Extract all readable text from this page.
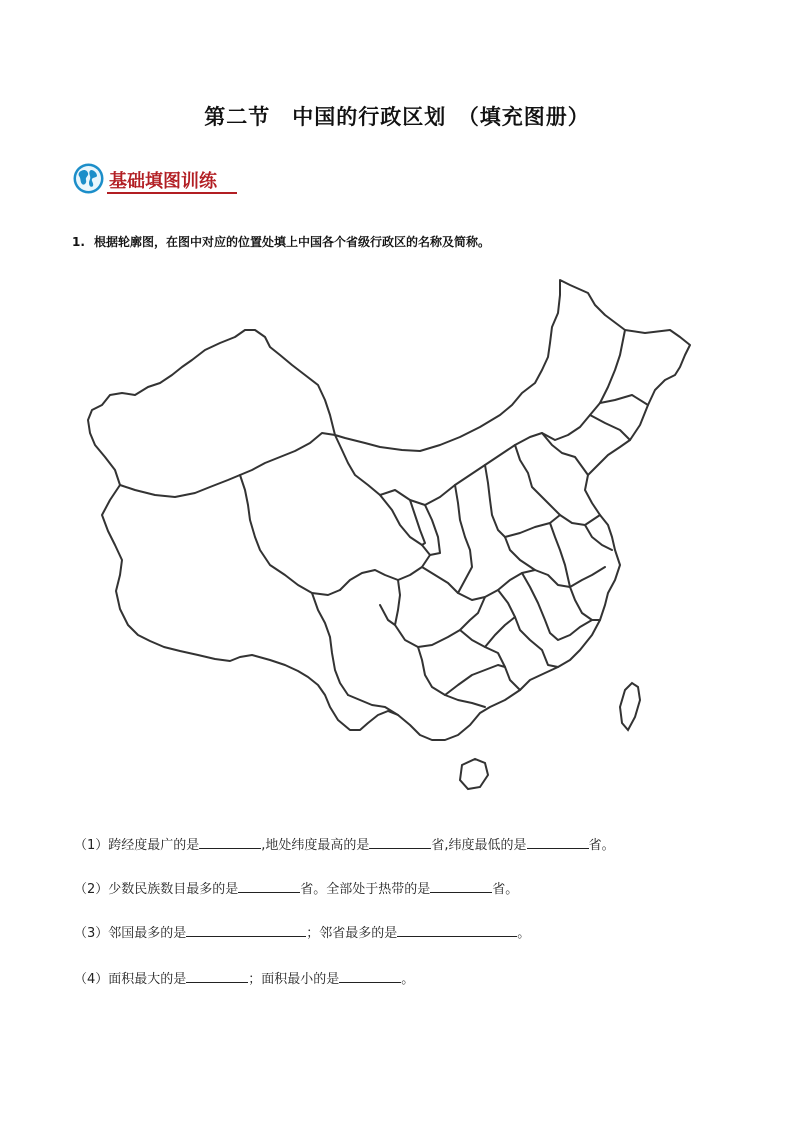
第二节　中国的行政区划　（填充图册）
基础填图训练
1. 根据轮廓图，在图中对应的位置处填上中国各个省级行政区的名称及简称。
（1）跨经度最广的是	,地处纬度最高的是	省,纬度最低的是	省。
（2）少数民族数目最多的是	省。全部处于热带的是	省。
（3）邻国最多的是	；邻省最多的是	。
（4）面积最大的是	；面积最小的是	。
